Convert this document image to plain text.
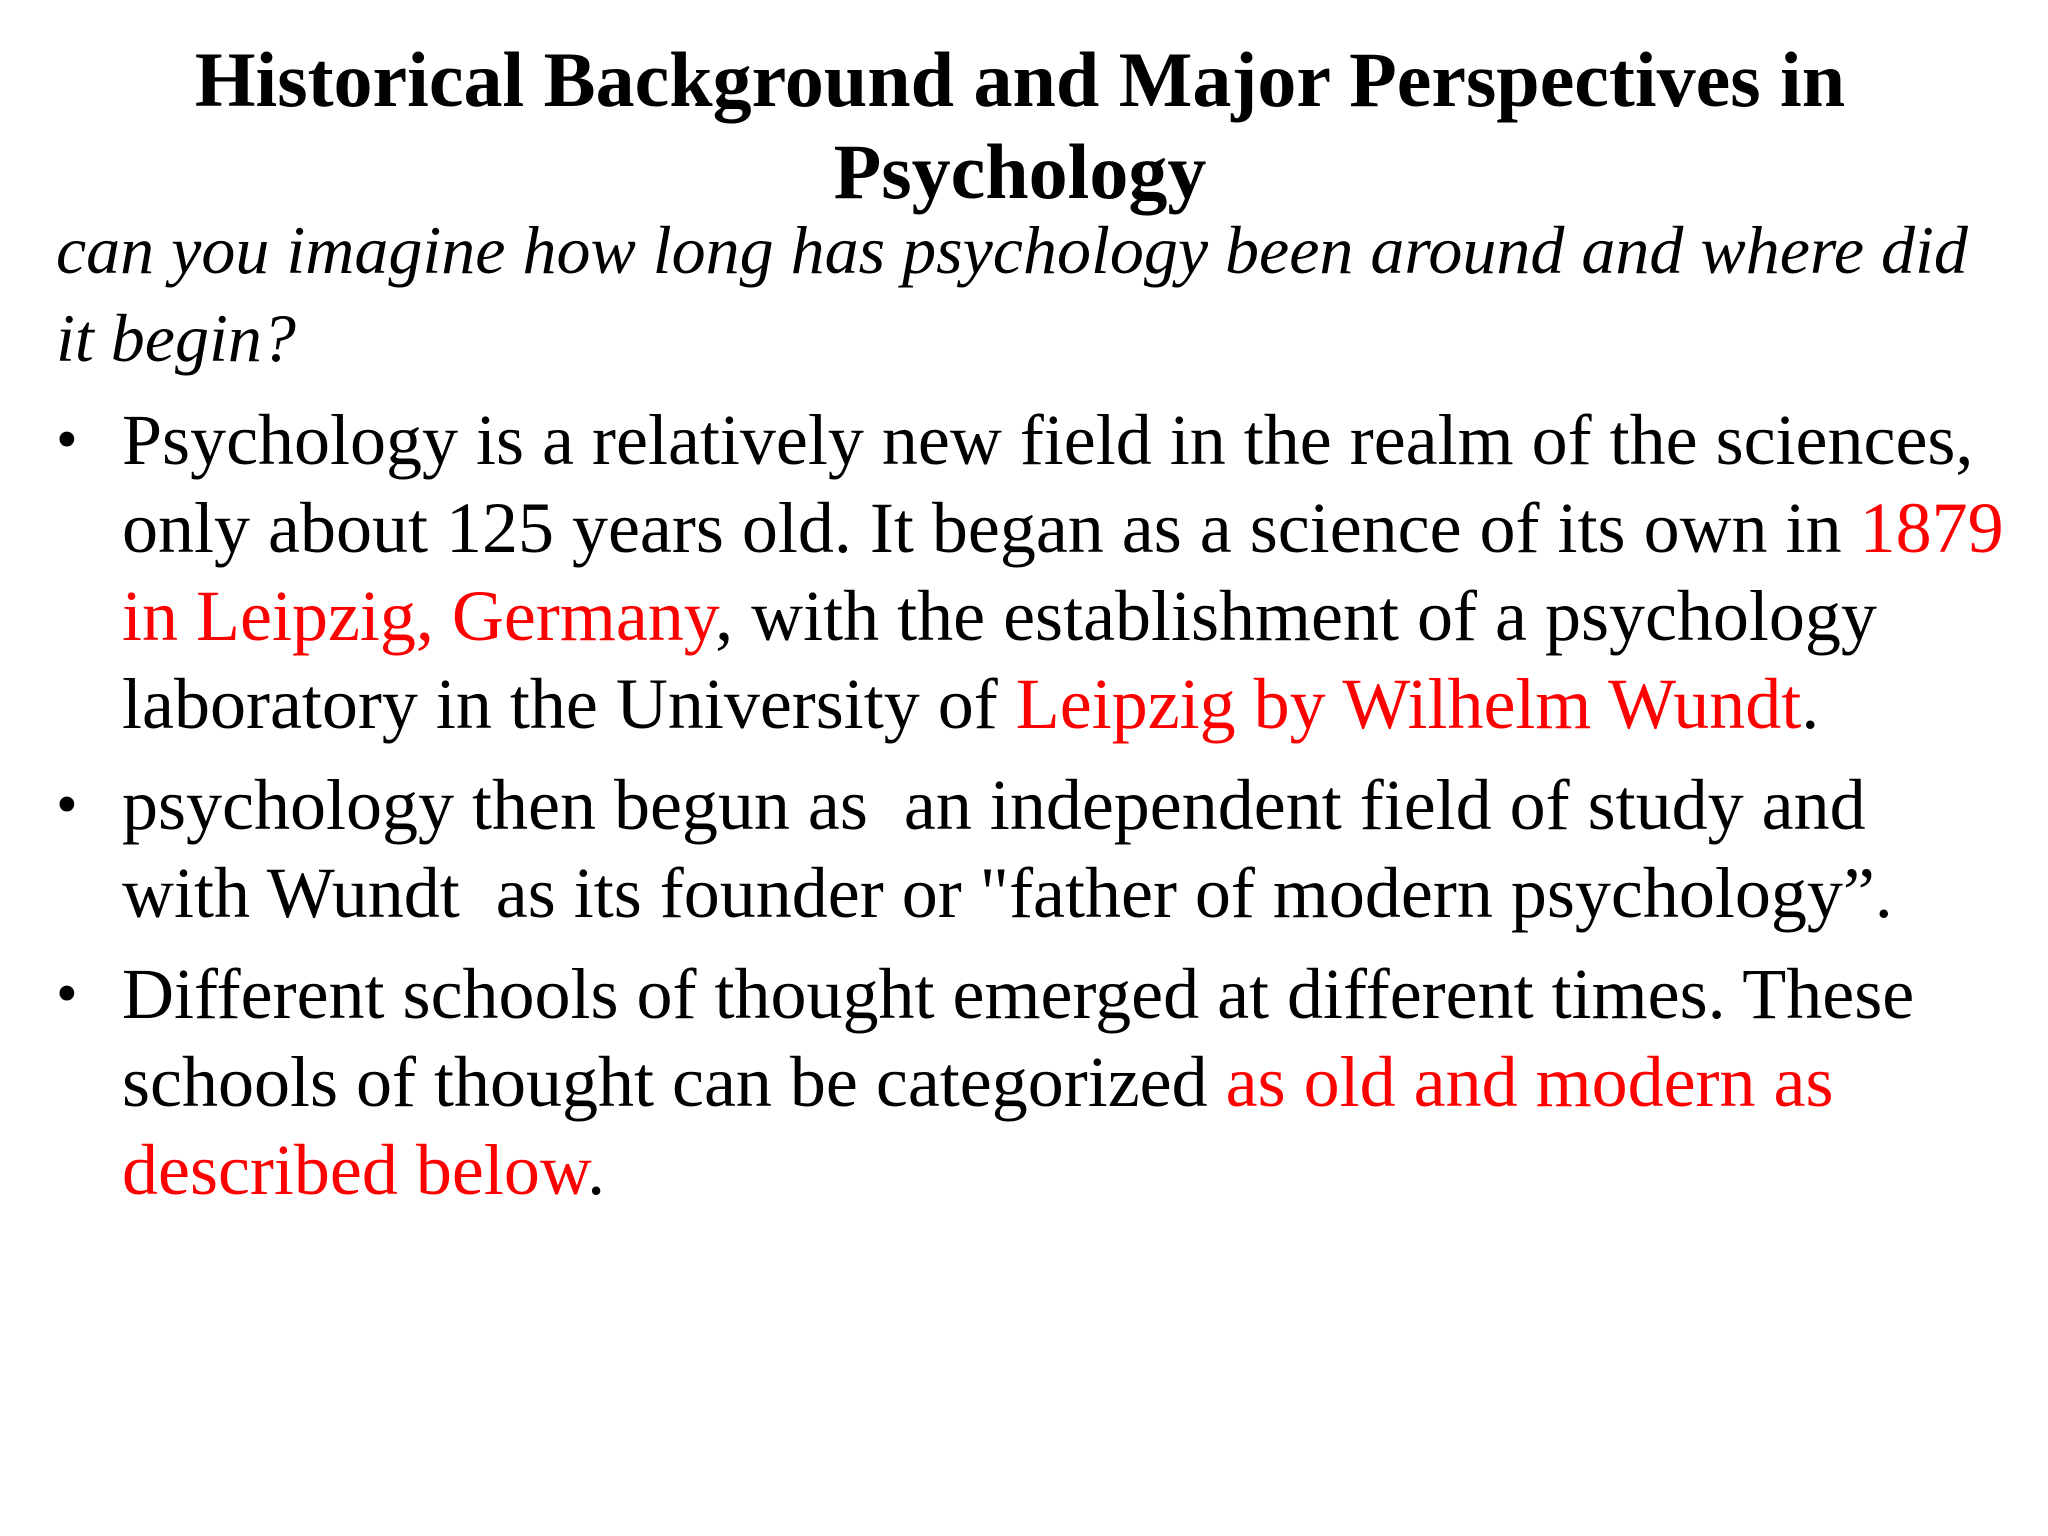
Historical Background and Major Perspectives in Psychology

can you imagine how long has psychology been around and where did it begin?

• Psychology is a relatively new field in the realm of the sciences, only about 125 years old. It began as a science of its own in 1879 in Leipzig, Germany, with the establishment of a psychology laboratory in the University of Leipzig by Wilhelm Wundt.
• psychology then begun as  an independent field of study and with Wundt  as its founder or "father of modern psychology”.
• Different schools of thought emerged at different times. These schools of thought can be categorized as old and modern as described below.
